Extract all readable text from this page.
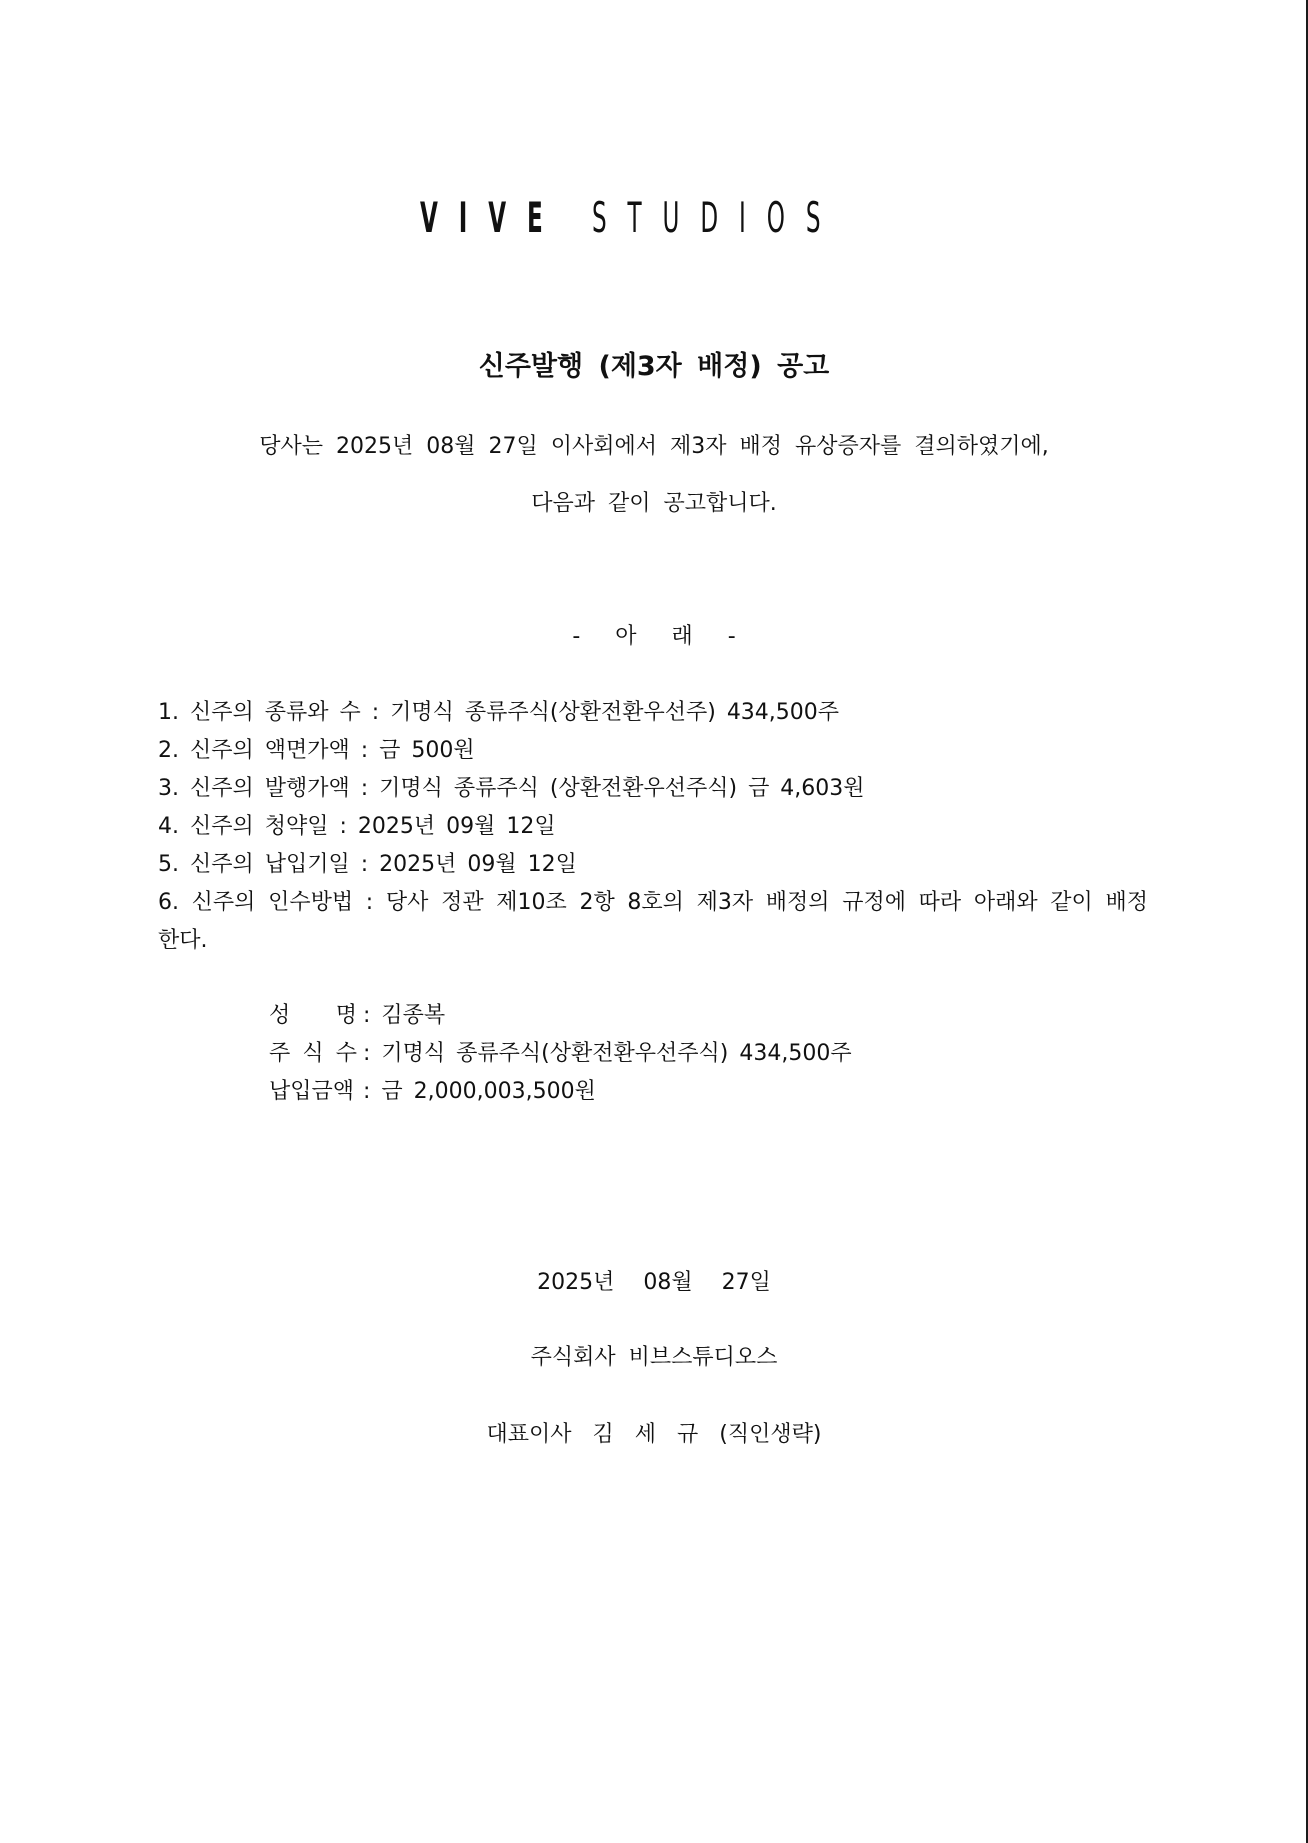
VIVE STUDIOS
신주발행 (제3자 배정) 공고
당사는 2025년 08월 27일 이사회에서 제3자 배정 유상증자를 결의하였기에,
다음과 같이 공고합니다.
- 아 래 -
1. 신주의 종류와 수 : 기명식 종류주식(상환전환우선주) 434,500주
2. 신주의 액면가액 : 금 500원
3. 신주의 발행가액 : 기명식 종류주식 (상환전환우선주식) 금 4,603원
4. 신주의 청약일 : 2025년 09월 12일
5. 신주의 납입기일 : 2025년 09월 12일
6. 신주의 인수방법 : 당사 정관 제10조 2항 8호의 제3자 배정의 규정에 따라 아래와 같이 배정
한다.
성 명 : 김종복
주 식 수 : 기명식 종류주식(상환전환우선주식) 434,500주
납입금액 : 금 2,000,003,500원
2025년 08월 27일
주식회사 비브스튜디오스
대표이사 김 세 규 (직인생략)
